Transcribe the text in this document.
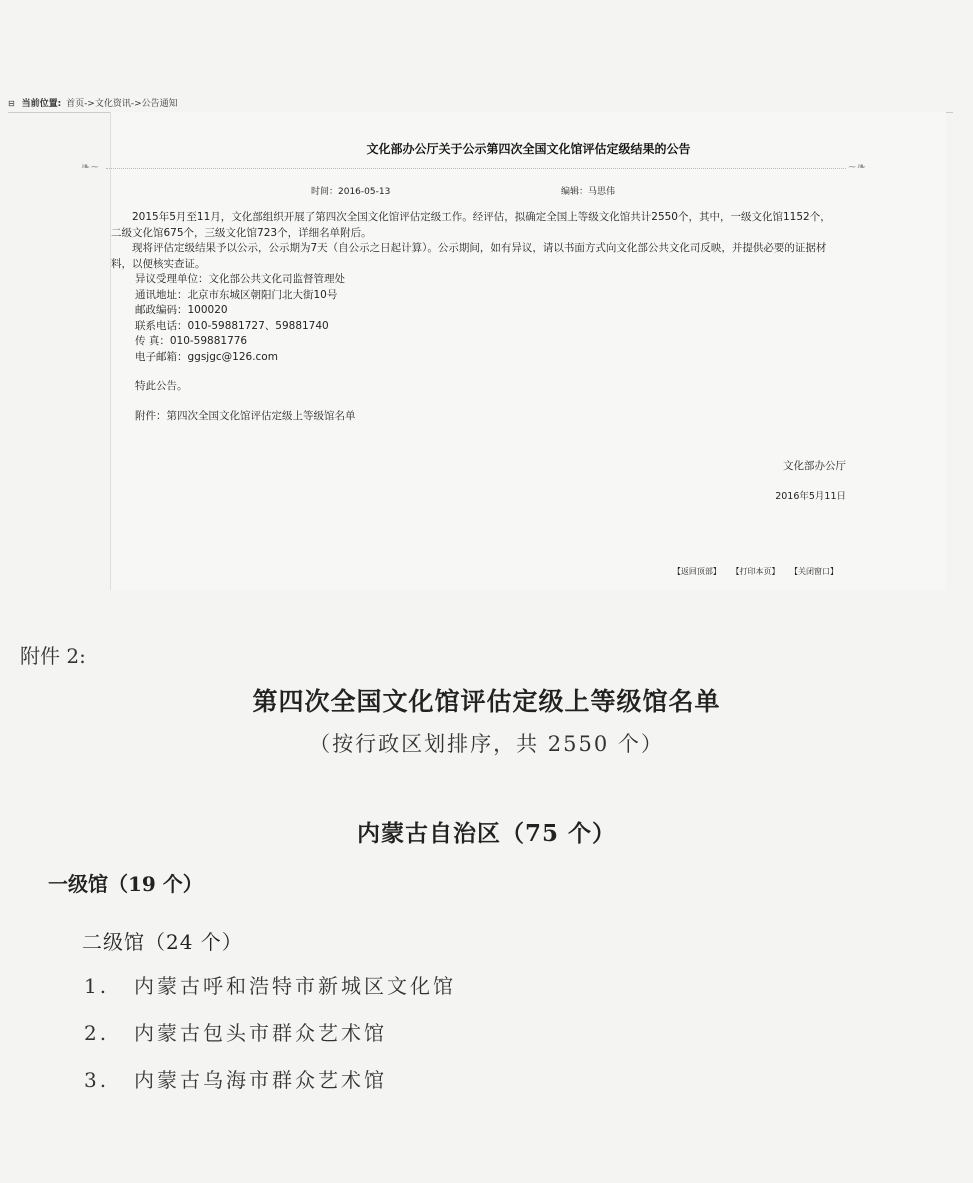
⊟ 当前位置: 首页->文化资讯->公告通知
文化部办公厅关于公示第四次全国文化馆评估定级结果的公告
❧~	~❧
时间：2016-05-13	编辑：马思伟

2015年5月至11月，文化部组织开展了第四次全国文化馆评估定级工作。经评估，拟确定全国上等级文化馆共计2550个，其中，一级文化馆1152个，二级文化馆675个，三级文化馆723个，详细名单附后。

现将评估定级结果予以公示，公示期为7天（自公示之日起计算）。公示期间，如有异议，请以书面方式向文化部公共文化司反映，并提供必要的证据材料，以便核实查证。

异议受理单位：文化部公共文化司监督管理处

通讯地址：北京市东城区朝阳门北大街10号

邮政编码：100020

联系电话：010-59881727、59881740

传 真：010-59881776

电子邮箱：ggsjgc@126.com

特此公告。

附件：第四次全国文化馆评估定级上等级馆名单

文化部办公厅
2016年5月11日
【返回顶部】 【打印本页】 【关闭窗口】
附件 2:
第四次全国文化馆评估定级上等级馆名单
（按行政区划排序，共 2550 个）
内蒙古自治区（75 个）
一级馆（19 个）
二级馆（24 个）
1. 内蒙古呼和浩特市新城区文化馆
2. 内蒙古包头市群众艺术馆
3. 内蒙古乌海市群众艺术馆
